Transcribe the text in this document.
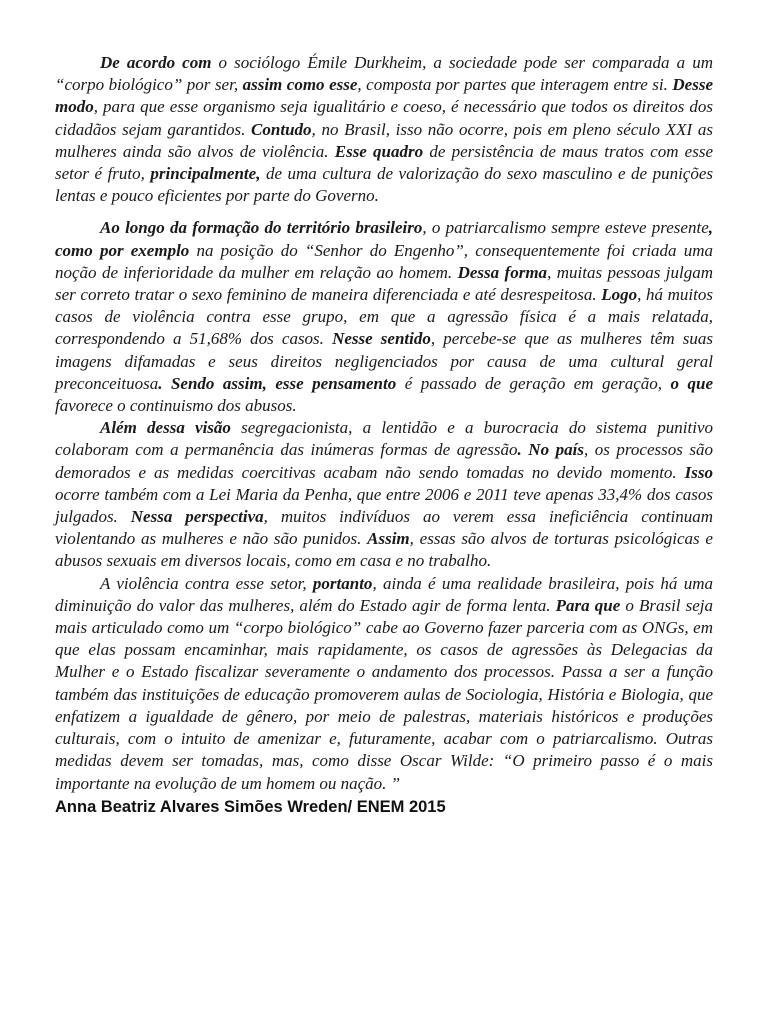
De acordo com o sociólogo Émile Durkheim, a sociedade pode ser comparada a um “corpo biológico” por ser, assim como esse, composta por partes que interagem entre si. Desse modo, para que esse organismo seja igualitário e coeso, é necessário que todos os direitos dos cidadãos sejam garantidos. Contudo, no Brasil, isso não ocorre, pois em pleno século XXI as mulheres ainda são alvos de violência. Esse quadro de persistência de maus tratos com esse setor é fruto, principalmente, de uma cultura de valorização do sexo masculino e de punições lentas e pouco eficientes por parte do Governo.

Ao longo da formação do território brasileiro, o patriarcalismo sempre esteve presente, como por exemplo na posição do “Senhor do Engenho”, consequentemente foi criada uma noção de inferioridade da mulher em relação ao homem. Dessa forma, muitas pessoas julgam ser correto tratar o sexo feminino de maneira diferenciada e até desrespeitosa. Logo, há muitos casos de violência contra esse grupo, em que a agressão física é a mais relatada, correspondendo a 51,68% dos casos. Nesse sentido, percebe-se que as mulheres têm suas imagens difamadas e seus direitos negligenciados por causa de uma cultural geral preconceituosa. Sendo assim, esse pensamento é passado de geração em geração, o que favorece o continuismo dos abusos.

Além dessa visão segregacionista, a lentidão e a burocracia do sistema punitivo colaboram com a permanência das inúmeras formas de agressão. No país, os processos são demorados e as medidas coercitivas acabam não sendo tomadas no devido momento. Isso ocorre também com a Lei Maria da Penha, que entre 2006 e 2011 teve apenas 33,4% dos casos julgados. Nessa perspectiva, muitos indivíduos ao verem essa ineficiência continuam violentando as mulheres e não são punidos. Assim, essas são alvos de torturas psicológicas e abusos sexuais em diversos locais, como em casa e no trabalho.

A violência contra esse setor, portanto, ainda é uma realidade brasileira, pois há uma diminuição do valor das mulheres, além do Estado agir de forma lenta. Para que o Brasil seja mais articulado como um “corpo biológico” cabe ao Governo fazer parceria com as ONGs, em que elas possam encaminhar, mais rapidamente, os casos de agressões às Delegacias da Mulher e o Estado fiscalizar severamente o andamento dos processos. Passa a ser a função também das instituições de educação promoverem aulas de Sociologia, História e Biologia, que enfatizem a igualdade de gênero, por meio de palestras, materiais históricos e produções culturais, com o intuito de amenizar e, futuramente, acabar com o patriarcalismo. Outras medidas devem ser tomadas, mas, como disse Oscar Wilde: “O primeiro passo é o mais importante na evolução de um homem ou nação. ”

Anna Beatriz Alvares Simões Wreden/ ENEM 2015
